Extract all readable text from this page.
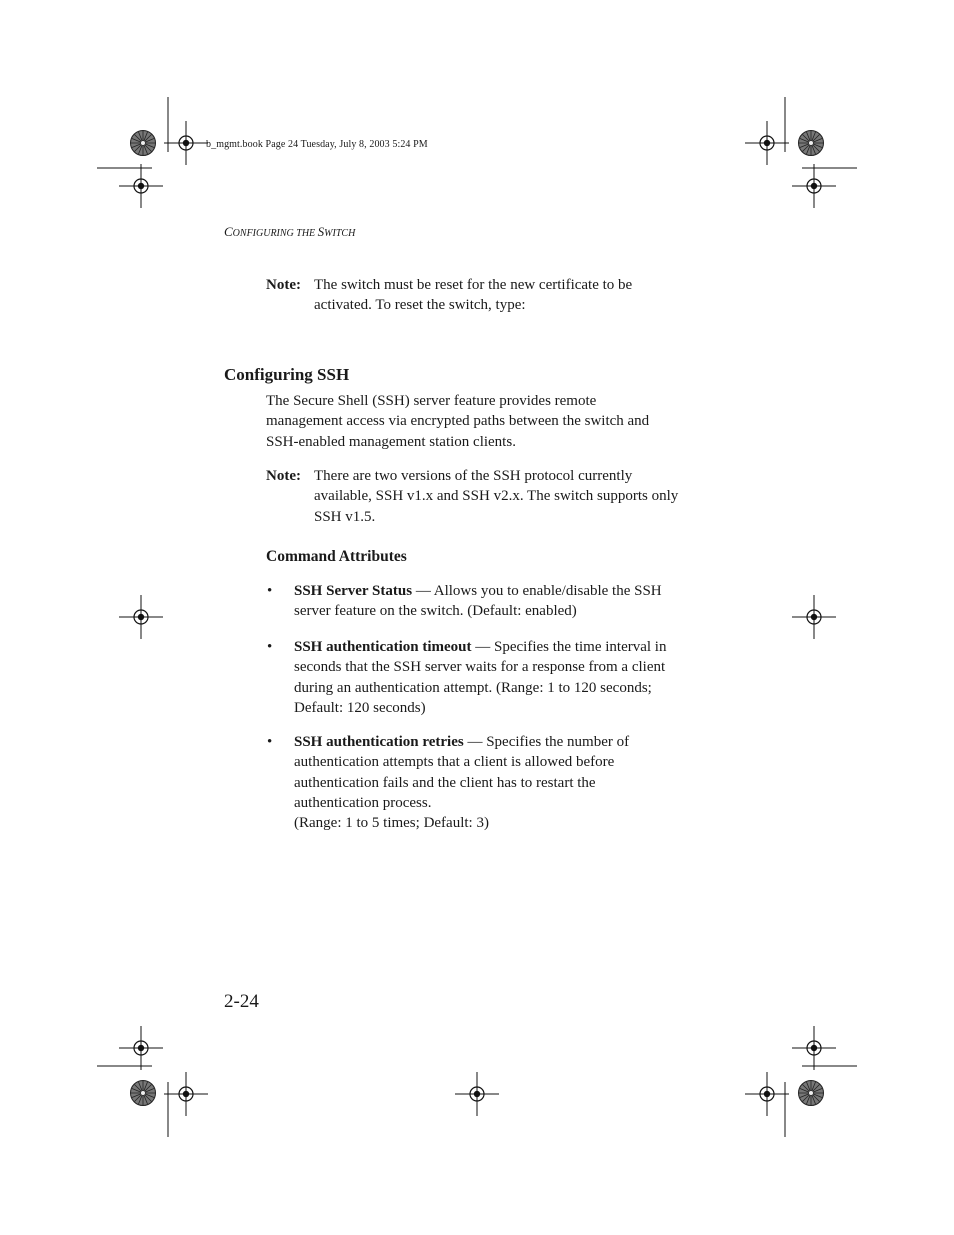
b_mgmt.book Page 24 Tuesday, July 8, 2003 5:24 PM
CONFIGURING THE SWITCH
Note: The switch must be reset for the new certificate to be
activated. To reset the switch, type:
Configuring SSH
The Secure Shell (SSH) server feature provides remote
management access via encrypted paths between the switch and
SSH-enabled management station clients.
Note: There are two versions of the SSH protocol currently
available, SSH v1.x and SSH v2.x. The switch supports only
SSH v1.5.
Command Attributes
• SSH Server Status — Allows you to enable/disable the SSH
server feature on the switch. (Default: enabled)
• SSH authentication timeout — Specifies the time interval in
seconds that the SSH server waits for a response from a client
during an authentication attempt. (Range: 1 to 120 seconds;
Default: 120 seconds)
• SSH authentication retries — Specifies the number of
authentication attempts that a client is allowed before
authentication fails and the client has to restart the
authentication process.
(Range: 1 to 5 times; Default: 3)
2-24
